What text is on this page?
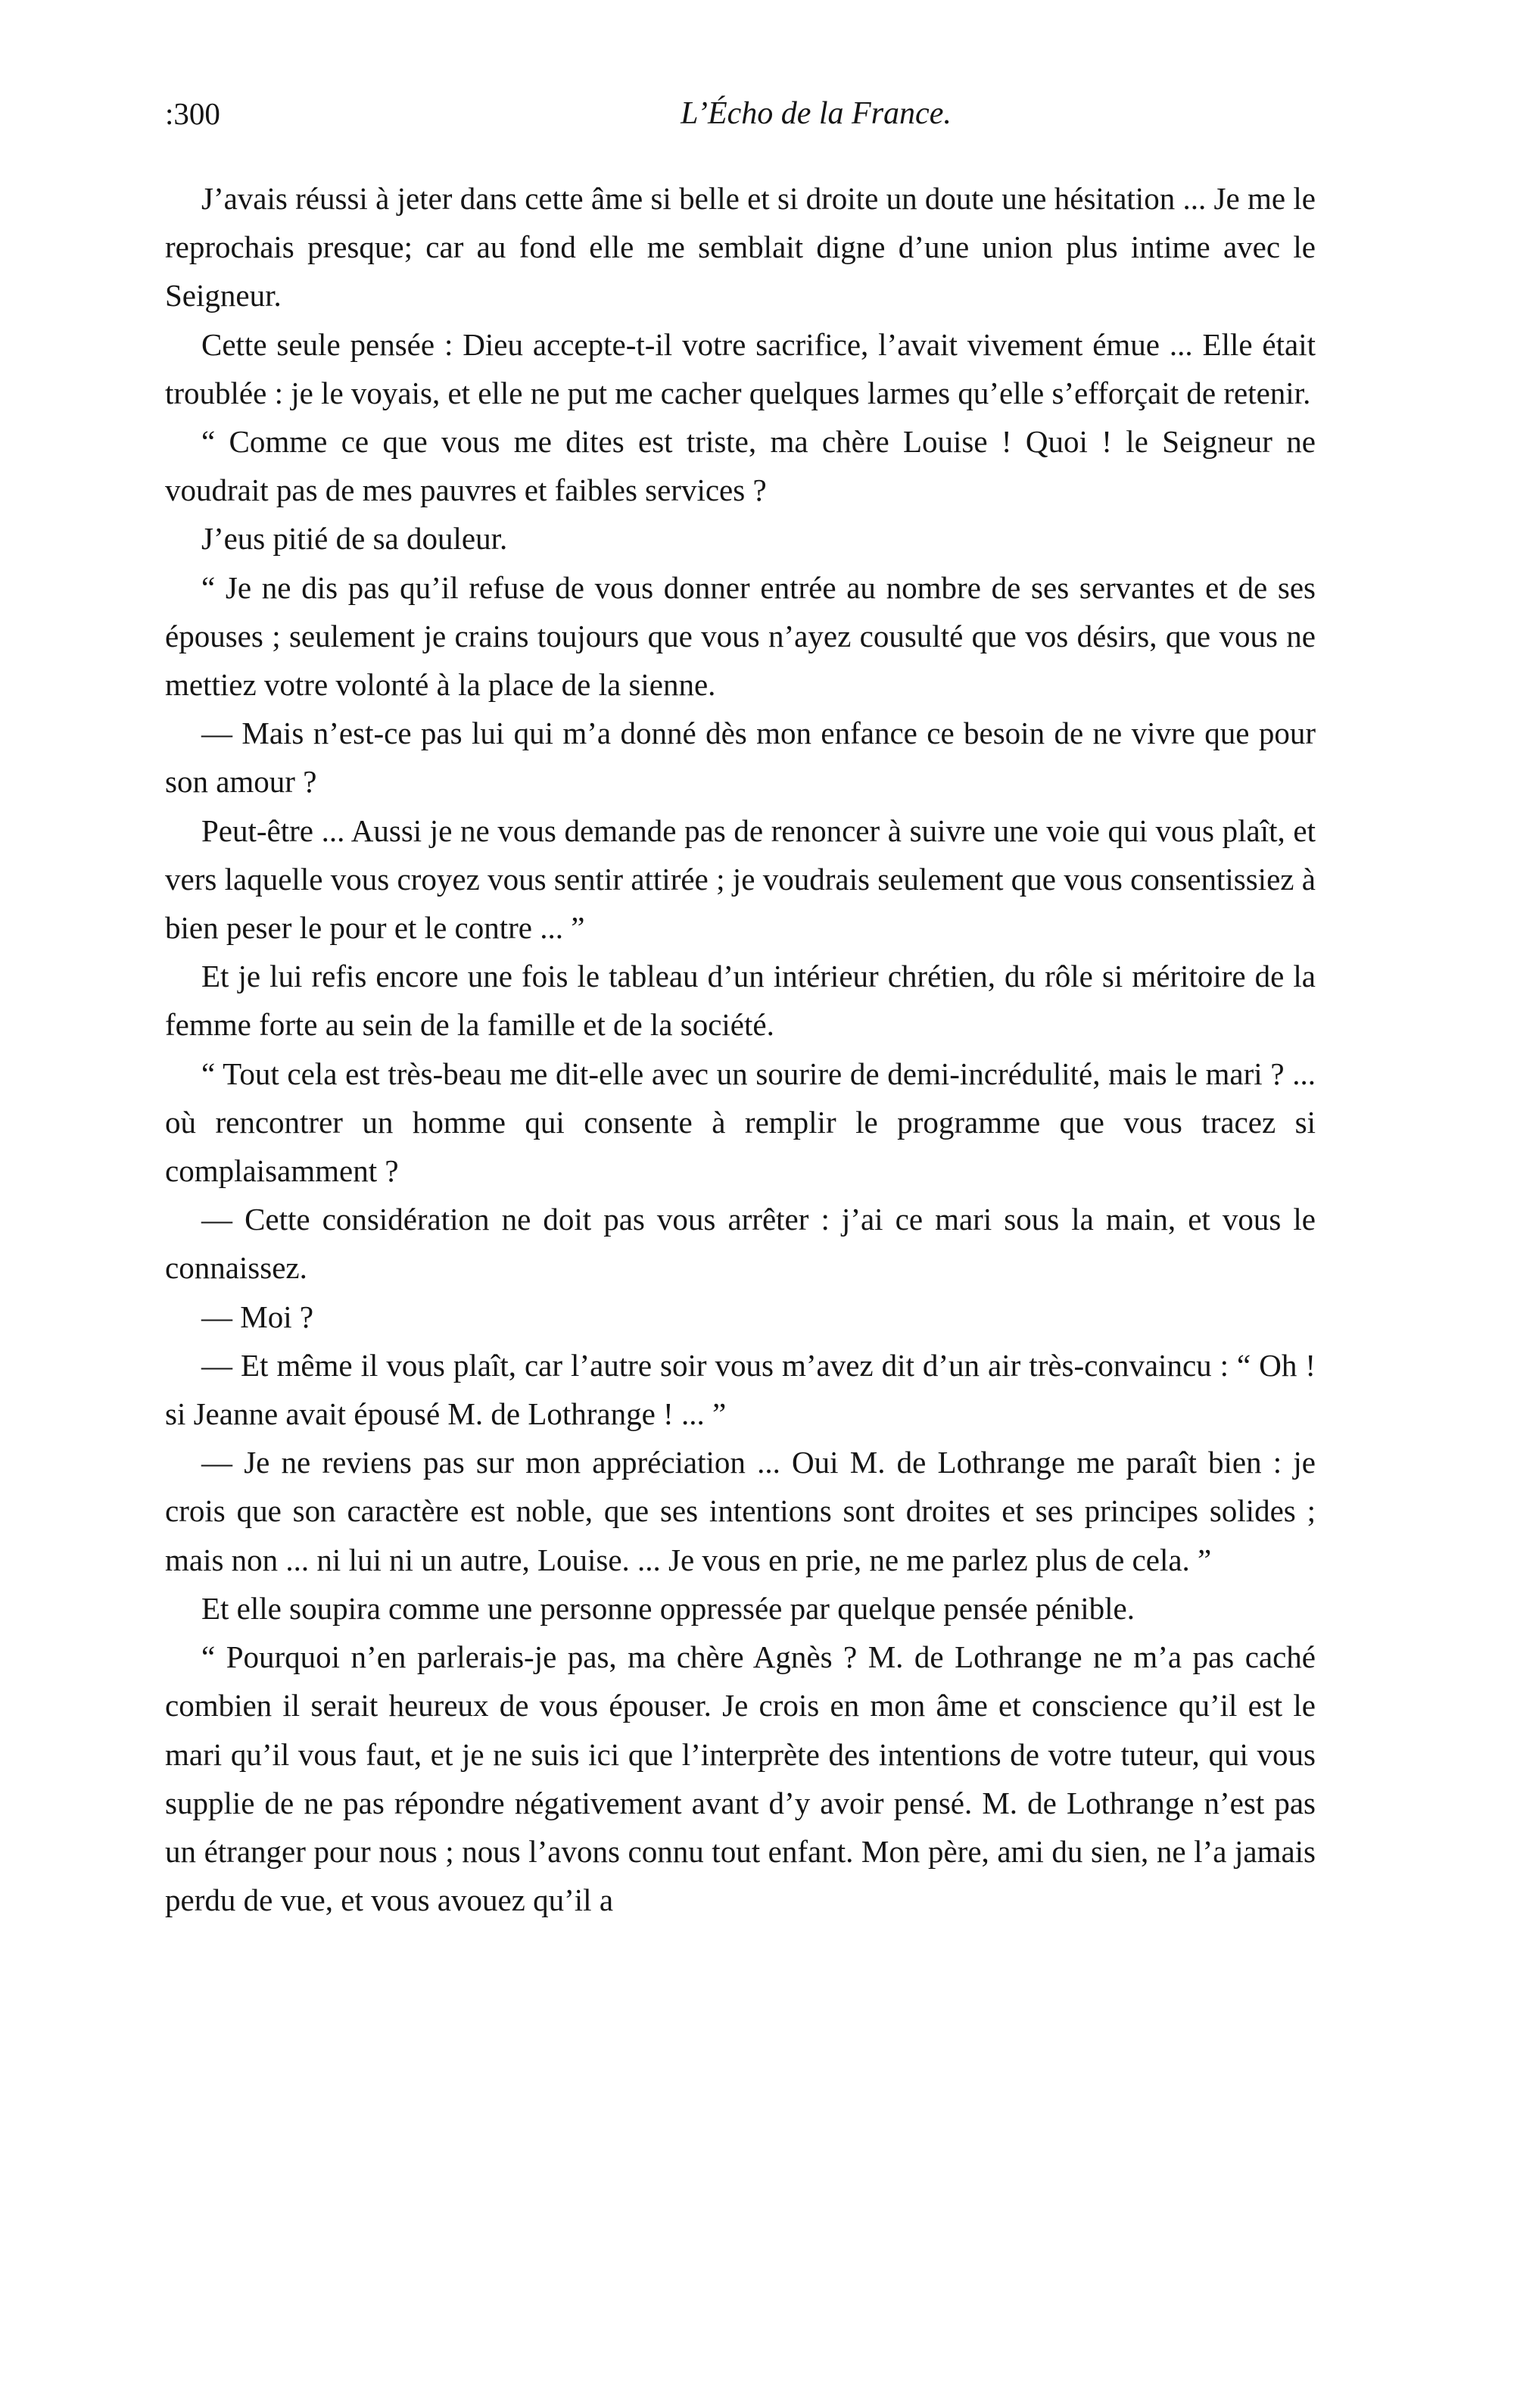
:300	L’Écho de la France.

J’avais réussi à jeter dans cette âme si belle et si droite un doute une hésitation ... Je me le reprochais presque; car au fond elle me semblait digne d’une union plus intime avec le Seigneur.

Cette seule pensée : Dieu accepte-t-il votre sacrifice, l’avait vivement émue ... Elle était troublée : je le voyais, et elle ne put me cacher quelques larmes qu’elle s’efforçait de retenir.

“ Comme ce que vous me dites est triste, ma chère Louise ! Quoi ! le Seigneur ne voudrait pas de mes pauvres et faibles services ?

J’eus pitié de sa douleur.

“ Je ne dis pas qu’il refuse de vous donner entrée au nombre de ses servantes et de ses épouses ; seulement je crains toujours que vous n’ayez cousulté que vos désirs, que vous ne mettiez votre volonté à la place de la sienne.

— Mais n’est-ce pas lui qui m’a donné dès mon enfance ce besoin de ne vivre que pour son amour ?

Peut-être ... Aussi je ne vous demande pas de renoncer à suivre une voie qui vous plaît, et vers laquelle vous croyez vous sentir attirée ; je voudrais seulement que vous consentissiez à bien peser le pour et le contre ... ”

Et je lui refis encore une fois le tableau d’un intérieur chrétien, du rôle si méritoire de la femme forte au sein de la famille et de la société.

“ Tout cela est très-beau me dit-elle avec un sourire de demi-incrédulité, mais le mari ? ... où rencontrer un homme qui consente à remplir le programme que vous tracez si complaisamment ?

— Cette considération ne doit pas vous arrêter : j’ai ce mari sous la main, et vous le connaissez.

— Moi ?

— Et même il vous plaît, car l’autre soir vous m’avez dit d’un air très-convaincu : “ Oh ! si Jeanne avait épousé M. de Lothrange ! ... ”

— Je ne reviens pas sur mon appréciation ... Oui M. de Lothrange me paraît bien : je crois que son caractère est noble, que ses intentions sont droites et ses principes solides ; mais non ... ni lui ni un autre, Louise. ... Je vous en prie, ne me parlez plus de cela. ”

Et elle soupira comme une personne oppressée par quelque pensée pénible.

“ Pourquoi n’en parlerais-je pas, ma chère Agnès ? M. de Lothrange ne m’a pas caché combien il serait heureux de vous épouser. Je crois en mon âme et conscience qu’il est le mari qu’il vous faut, et je ne suis ici que l’interprète des intentions de votre tuteur, qui vous supplie de ne pas répondre négativement avant d’y avoir pensé. M. de Lothrange n’est pas un étranger pour nous ; nous l’avons connu tout enfant. Mon père, ami du sien, ne l’a jamais perdu de vue, et vous avouez qu’il a
